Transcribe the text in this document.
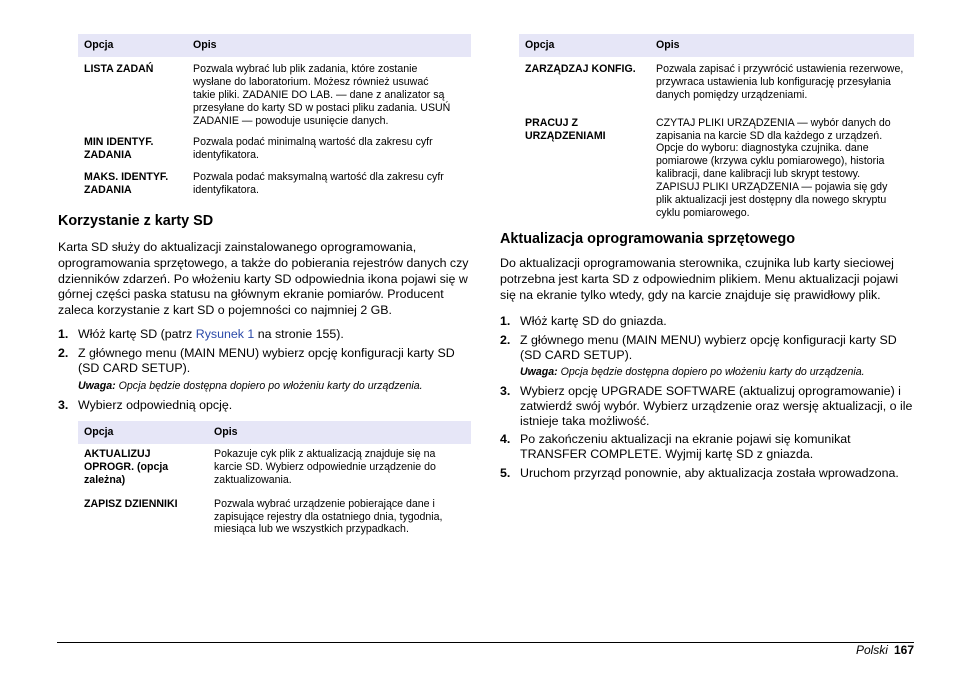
Opcja	Opis
LISTA ZADAŃ	Pozwala wybrać lub plik zadania, które zostanie wysłane do laboratorium. Możesz również usuwać takie pliki. ZADANIE DO LAB. — dane z analizator są przesyłane do karty SD w postaci pliku zadania. USUŃ ZADANIE — powoduje usunięcie danych.
MIN IDENTYF. ZADANIA	Pozwala podać minimalną wartość dla zakresu cyfr identyfikatora.
MAKS. IDENTYF. ZADANIA	Pozwala podać maksymalną wartość dla zakresu cyfr identyfikatora.
Korzystanie z karty SD

Karta SD służy do aktualizacji zainstalowanego oprogramowania, oprogramowania sprzętowego, a także do pobierania rejestrów danych czy dzienników zdarzeń. Po włożeniu karty SD odpowiednia ikona pojawi się w górnej części paska statusu na głównym ekranie pomiarów. Producent zaleca korzystanie z kart SD o pojemności co najmniej 2 GB.

1. Włóż kartę SD (patrz Rysunek 1 na stronie 155).
2. Z głównego menu (MAIN MENU) wybierz opcję konfiguracji karty SD (SD CARD SETUP).
Uwaga: Opcja będzie dostępna dopiero po włożeniu karty do urządzenia.
3. Wybierz odpowiednią opcję.
Opcja	Opis
AKTUALIZUJ OPROGR. (opcja zależna)	Pokazuje cyk plik z aktualizacją znajduje się na karcie SD. Wybierz odpowiednie urządzenie do zaktualizowania.
ZAPISZ DZIENNIKI	Pozwala wybrać urządzenie pobierające dane i zapisujące rejestry dla ostatniego dnia, tygodnia, miesiąca lub we wszystkich przypadkach.
Opcja	Opis
ZARZĄDZAJ KONFIG.	Pozwala zapisać i przywrócić ustawienia rezerwowe, przywraca ustawienia lub konfigurację przesyłania danych pomiędzy urządzeniami.
PRACUJ Z URZĄDZENIAMI	CZYTAJ PLIKI URZĄDZENIA — wybór danych do zapisania na karcie SD dla każdego z urządzeń. Opcje do wyboru: diagnostyka czujnika. dane pomiarowe (krzywa cyklu pomiarowego), historia kalibracji, dane kalibracji lub skrypt testowy. ZAPISUJ PLIKI URZĄDZENIA — pojawia się gdy plik aktualizacji jest dostępny dla nowego skryptu cyklu pomiarowego.
Aktualizacja oprogramowania sprzętowego

Do aktualizacji oprogramowania sterownika, czujnika lub karty sieciowej potrzebna jest karta SD z odpowiednim plikiem. Menu aktualizacji pojawi się na ekranie tylko wtedy, gdy na karcie znajduje się prawidłowy plik.

1. Włóż kartę SD do gniazda.
2. Z głównego menu (MAIN MENU) wybierz opcję konfiguracji karty SD (SD CARD SETUP).
Uwaga: Opcja będzie dostępna dopiero po włożeniu karty do urządzenia.
3. Wybierz opcję UPGRADE SOFTWARE (aktualizuj oprogramowanie) i zatwierdź swój wybór. Wybierz urządzenie oraz wersję aktualizacji, o ile istnieje taka możliwość.
4. Po zakończeniu aktualizacji na ekranie pojawi się komunikat TRANSFER COMPLETE. Wyjmij kartę SD z gniazda.
5. Uruchom przyrząd ponownie, aby aktualizacja została wprowadzona.
Polski 167
